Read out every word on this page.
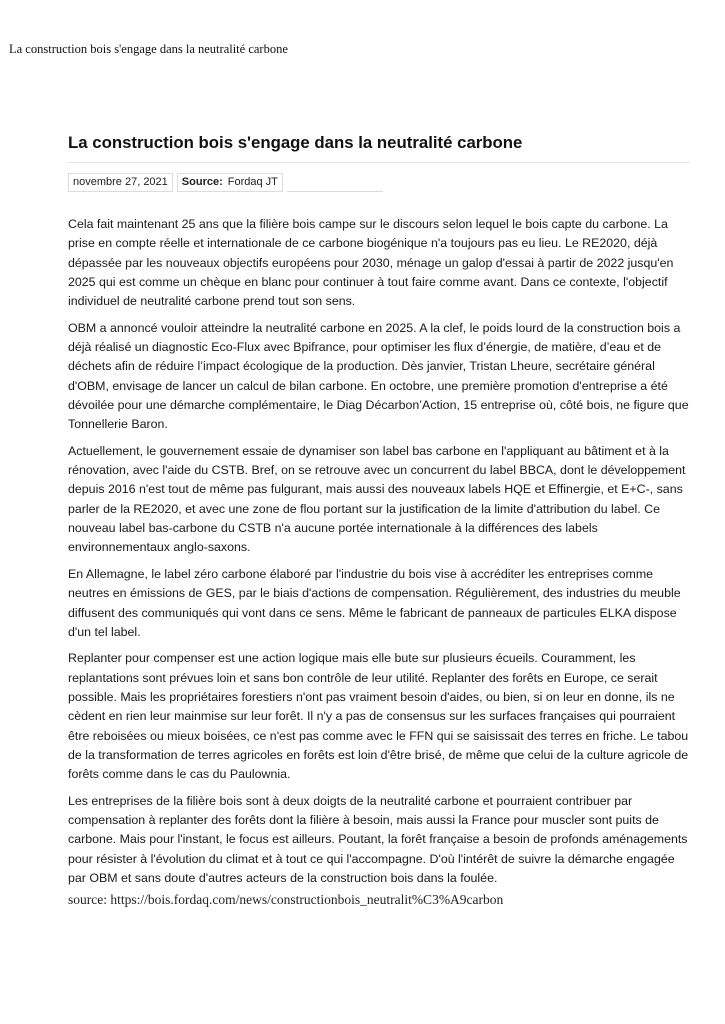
La construction bois s'engage dans la neutralité carbone
La construction bois s'engage dans la neutralité carbone
novembre 27, 2021	Source: Fordaq JT

Cela fait maintenant 25 ans que la filière bois campe sur le discours selon lequel le bois capte du carbone. La prise en compte réelle et internationale de ce carbone biogénique n'a toujours pas eu lieu. Le RE2020, déjà dépassée par les nouveaux objectifs européens pour 2030, ménage un galop d'essai à partir de 2022 jusqu'en 2025 qui est comme un chèque en blanc pour continuer à tout faire comme avant. Dans ce contexte, l'objectif individuel de neutralité carbone prend tout son sens.

OBM a annoncé vouloir atteindre la neutralité carbone en 2025. A la clef, le poids lourd de la construction bois a déjà réalisé un diagnostic Eco-Flux avec Bpifrance, pour optimiser les flux d’énergie, de matière, d’eau et de déchets afin de réduire l’impact écologique de la production. Dès janvier, Tristan Lheure, secrétaire général d'OBM, envisage de lancer un calcul de bilan carbone. En octobre, une première promotion d'entreprise a été dévoilée pour une démarche complémentaire, le Diag Décarbon’Action, 15 entreprise où, côté bois, ne figure que Tonnellerie Baron.

Actuellement, le gouvernement essaie de dynamiser son label bas carbone en l'appliquant au bâtiment et à la rénovation, avec l'aide du CSTB. Bref, on se retrouve avec un concurrent du label BBCA, dont le développement depuis 2016 n'est tout de même pas fulgurant, mais aussi des nouveaux labels HQE et Effinergie, et E+C-, sans parler de la RE2020, et avec une zone de flou portant sur la justification de la limite d'attribution du label. Ce nouveau label bas-carbone du CSTB n'a aucune portée internationale à la différences des labels environnementaux anglo-saxons.

En Allemagne, le label zéro carbone élaboré par l'industrie du bois vise à accréditer les entreprises comme neutres en émissions de GES, par le biais d'actions de compensation. Régulièrement, des industries du meuble diffusent des communiqués qui vont dans ce sens. Même le fabricant de panneaux de particules ELKA dispose d'un tel label.

Replanter pour compenser est une action logique mais elle bute sur plusieurs écueils. Couramment, les replantations sont prévues loin et sans bon contrôle de leur utilité. Replanter des forêts en Europe, ce serait possible. Mais les propriétaires forestiers n'ont pas vraiment besoin d'aides, ou bien, si on leur en donne, ils ne cèdent en rien leur mainmise sur leur forêt. Il n'y a pas de consensus sur les surfaces françaises qui pourraient être reboisées ou mieux boisées, ce n'est pas comme avec le FFN qui se saisissait des terres en friche. Le tabou de la transformation de terres agricoles en forêts est loin d'être brisé, de même que celui de la culture agricole de forêts comme dans le cas du Paulownia.

Les entreprises de la filière bois sont à deux doigts de la neutralité carbone et pourraient contribuer par compensation à replanter des forêts dont la filière à besoin, mais aussi la France pour muscler sont puits de carbone. Mais pour l'instant, le focus est ailleurs. Poutant, la forêt française a besoin de profonds aménagements pour résister à l'évolution du climat et à tout ce qui l'accompagne. D'où l'intérêt de suivre la démarche engagée par OBM et sans doute d'autres acteurs de la construction bois dans la foulée.

source: https://bois.fordaq.com/news/constructionbois_neutralit%C3%A9carbon
